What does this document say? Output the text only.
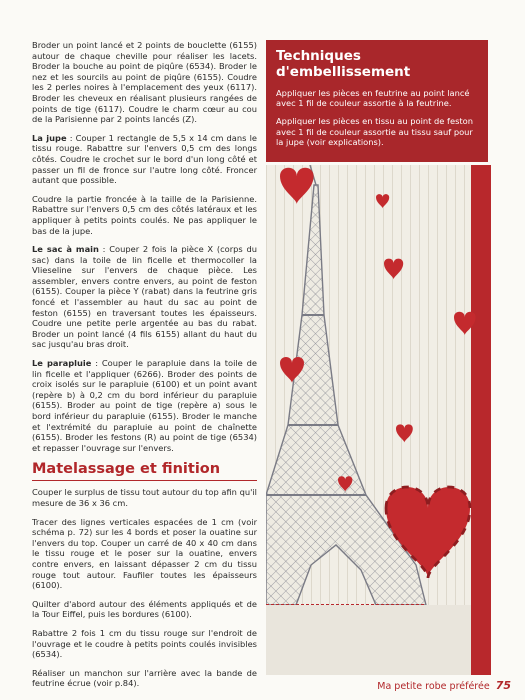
Broder un point lancé et 2 points de bouclette (6155) autour de chaque cheville pour réaliser les lacets. Broder la bouche au point de piqûre (6534). Broder le nez et les sourcils au point de piqûre (6155). Coudre les 2 perles noires à l'emplacement des yeux (6117). Broder les cheveux en réalisant plusieurs rangées de points de tige (6117). Coudre le charm cœur au cou de la Parisienne par 2 points lancés (Z).

La jupe : Couper 1 rectangle de 5,5 x 14 cm dans le tissu rouge. Rabattre sur l'envers 0,5 cm des longs côtés. Coudre le crochet sur le bord d'un long côté et passer un fil de fronce sur l'autre long côté. Froncer autant que possible.

Coudre la partie froncée à la taille de la Parisienne. Rabattre sur l'envers 0,5 cm des côtés latéraux et les appliquer à petits points coulés. Ne pas appliquer le bas de la jupe.

Le sac à main : Couper 2 fois la pièce X (corps du sac) dans la toile de lin ficelle et thermocoller la Vlieseline sur l'envers de chaque pièce. Les assembler, envers contre envers, au point de feston (6155). Couper la pièce Y (rabat) dans la feutrine gris foncé et l'assembler au haut du sac au point de feston (6155) en traversant toutes les épaisseurs. Coudre une petite perle argentée au bas du rabat. Broder un point lancé (4 fils 6155) allant du haut du sac jusqu'au bras droit.

Le parapluie : Couper le parapluie dans la toile de lin ficelle et l'appliquer (6266). Broder des points de croix isolés sur le parapluie (6100) et un point avant (repère b) à 0,2 cm du bord inférieur du parapluie (6155). Broder au point de tige (repère a) sous le bord inférieur du parapluie (6155). Broder le manche et l'extrémité du parapluie au point de chaînette (6155). Broder les festons (R) au point de tige (6534) et repasser l'ouvrage sur l'envers.

Matelassage et finition

Couper le surplus de tissu tout autour du top afin qu'il mesure de 36 x 36 cm.

Tracer des lignes verticales espacées de 1 cm (voir schéma p. 72) sur les 4 bords et poser la ouatine sur l'envers du top. Couper un carré de 40 x 40 cm dans le tissu rouge et le poser sur la ouatine, envers contre envers, en laissant dépasser 2 cm du tissu rouge tout autour. Faufiler toutes les épaisseurs (6100).

Quilter d'abord autour des éléments appliqués et de la Tour Eiffel, puis les bordures (6100).

Rabattre 2 fois 1 cm du tissu rouge sur l'endroit de l'ouvrage et le coudre à petits points coulés invisibles (6534).

Réaliser un manchon sur l'arrière avec la bande de feutrine écrue (voir p.84).

Techniques d'embellissement

Appliquer les pièces en feutrine au point lancé avec 1 fil de couleur assortie à la feutrine.

Appliquer les pièces en tissu au point de feston avec 1 fil de couleur assortie au tissu sauf pour la jupe (voir explications).

Ma petite robe préférée 75
